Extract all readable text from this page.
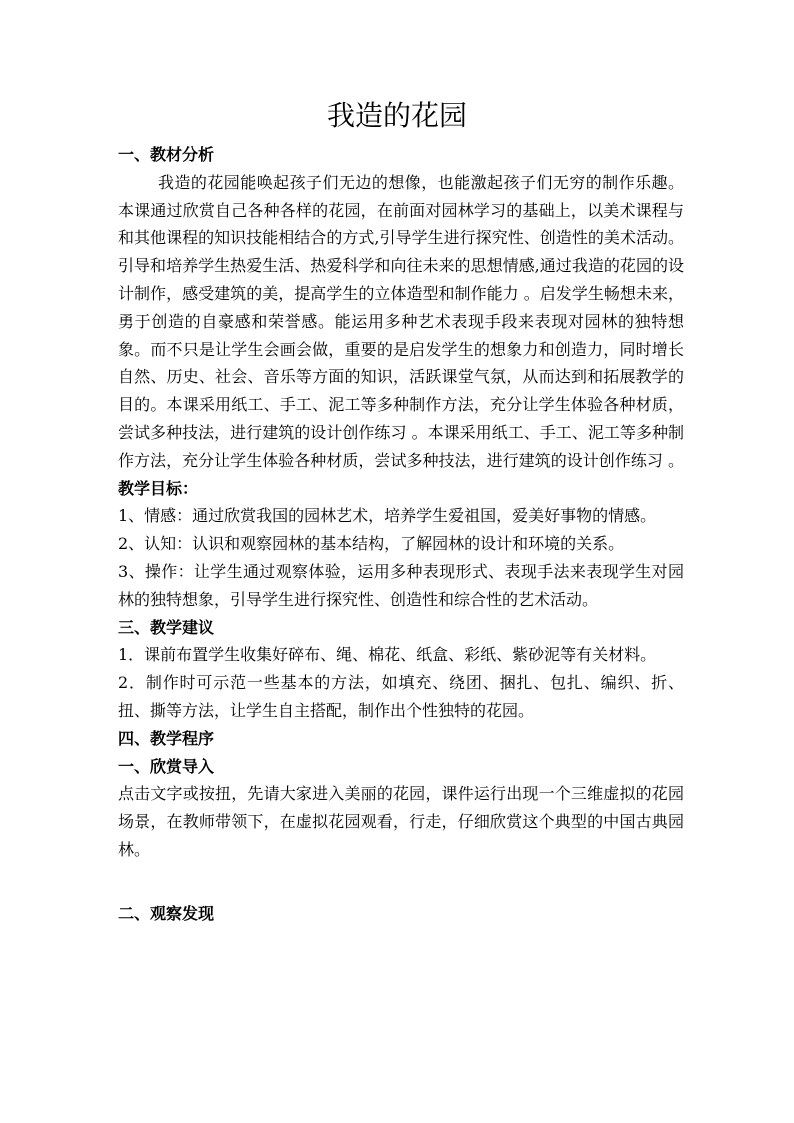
我造的花园

一、教材分析

我造的花园能唤起孩子们无边的想像，也能激起孩子们无穷的制作乐趣。本课通过欣赏自己各种各样的花园，在前面对园林学习的基础上，以美术课程与和其他课程的知识技能相结合的方式,引导学生进行探究性、创造性的美术活动。引导和培养学生热爱生活、热爱科学和向往未来的思想情感,通过我造的花园的设计制作，感受建筑的美，提高学生的立体造型和制作能力 。启发学生畅想未来，勇于创造的自豪感和荣誉感。能运用多种艺术表现手段来表现对园林的独特想象。而不只是让学生会画会做，重要的是启发学生的想象力和创造力，同时增长自然、历史、社会、音乐等方面的知识，活跃课堂气氛，从而达到和拓展教学的目的。本课采用纸工、手工、泥工等多种制作方法，充分让学生体验各种材质，尝试多种技法，进行建筑的设计创作练习 。本课采用纸工、手工、泥工等多种制作方法，充分让学生体验各种材质，尝试多种技法，进行建筑的设计创作练习 。教学目标：

1、情感：通过欣赏我国的园林艺术，培养学生爱祖国，爱美好事物的情感。

2、认知：认识和观察园林的基本结构，了解园林的设计和环境的关系。

3、操作：让学生通过观察体验，运用多种表现形式、表现手法来表现学生对园林的独特想象，引导学生进行探究性、创造性和综合性的艺术活动。

三、教学建议

1．课前布置学生收集好碎布、绳、棉花、纸盒、彩纸、紫砂泥等有关材料。

2．制作时可示范一些基本的方法，如填充、绕团、捆扎、包扎、编织、折、扭、撕等方法，让学生自主搭配，制作出个性独特的花园。

四、教学程序

一、欣赏导入

点击文字或按扭，先请大家进入美丽的花园，课件运行出现一个三维虚拟的花园场景，在教师带领下，在虚拟花园观看，行走，仔细欣赏这个典型的中国古典园林。

二、观察发现
